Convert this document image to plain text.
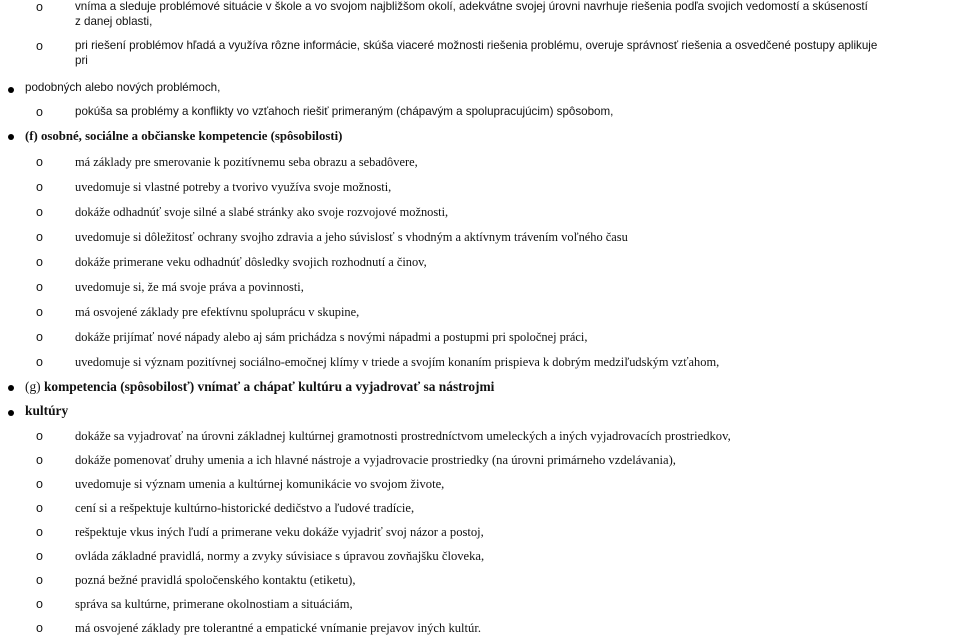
o	vníma a sleduje problémové situácie v škole a vo svojom najbližšom okolí, adekvátne svojej úrovni navrhuje riešenia podľa svojich vedomostí a skúseností
z danej oblasti,
o	pri riešení problémov hľadá a využíva rôzne informácie, skúša viaceré možnosti riešenia problému, overuje správnosť riešenia a osvedčené postupy aplikuje
pri
podobných alebo nových problémoch,
o	pokúša sa problémy a konflikty vo vzťahoch riešiť primeraným (chápavým a spolupracujúcim) spôsobom,
(f) osobné, sociálne a občianske kompetencie (spôsobilosti)
o	má základy pre smerovanie k pozitívnemu seba obrazu a sebadôvere,
o	uvedomuje si vlastné potreby a tvorivo využíva svoje možnosti,
o	dokáže odhadnúť svoje silné a slabé stránky ako svoje rozvojové možnosti,
o	uvedomuje si dôležitosť ochrany svojho zdravia a jeho súvislosť s vhodným a aktívnym trávením voľného času
o	dokáže primerane veku odhadnúť dôsledky svojich rozhodnutí a činov,
o	uvedomuje si, že má svoje práva a povinnosti,
o	má osvojené základy pre efektívnu spoluprácu v skupine,
o	dokáže prijímať nové nápady alebo aj sám prichádza s novými nápadmi a postupmi pri spoločnej práci,
o	uvedomuje si význam pozitívnej sociálno-emočnej klímy v triede a svojím konaním prispieva k dobrým medziľudským vzťahom,
(g) kompetencia (spôsobilosť) vnímať a chápať kultúru a vyjadrovať sa nástrojmi
kultúry
o	dokáže sa vyjadrovať na úrovni základnej kultúrnej gramotnosti prostredníctvom umeleckých a iných vyjadrovacích prostriedkov,
o	dokáže pomenovať druhy umenia a ich hlavné nástroje a vyjadrovacie prostriedky (na úrovni primárneho vzdelávania),
o	uvedomuje si význam umenia a kultúrnej komunikácie vo svojom živote,
o	cení si a rešpektuje kultúrno-historické dedičstvo a ľudové tradície,
o	rešpektuje vkus iných ľudí a primerane veku dokáže vyjadriť svoj názor a postoj,
o	ovláda základné pravidlá, normy a zvyky súvisiace s úpravou zovňajšku človeka,
o	pozná bežné pravidlá spoločenského kontaktu (etiketu),
o	správa sa kultúrne, primerane okolnostiam a situáciám,
o	má osvojené základy pre tolerantné a empatické vnímanie prejavov iných kultúr.
